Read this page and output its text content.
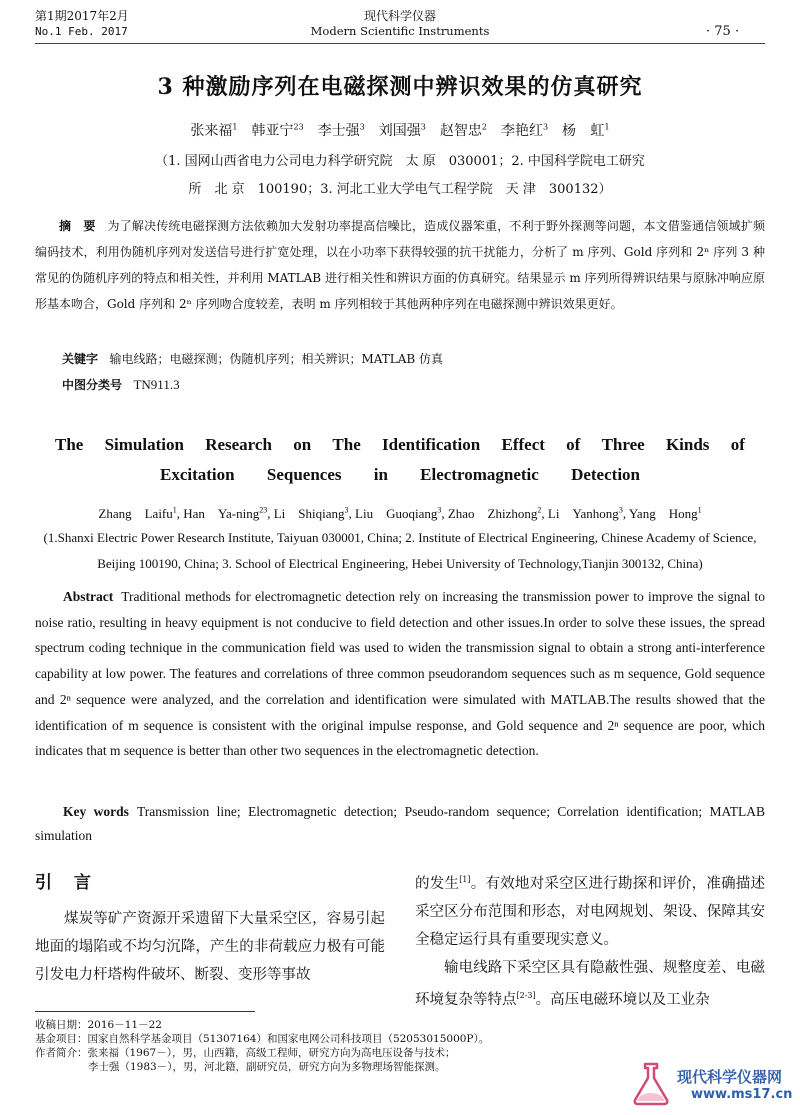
第1期2017年2月
No.1 Feb. 2017
现代科学仪器
Modern Scientific Instruments	· 75 ·
3 种激励序列在电磁探测中辨识效果的仿真研究
张来福$^1$　 韩亚宁$^{23}$　 李士强$^3$　 刘国强$^3$　 赵智忠$^2$　 李艳红$^3$　 杨 虹$^1$
（1. 国网山西省电力公司电力科学研究院　太 原　030001；2. 中国科学院电工研究
所　北 京　100190；3. 河北工业大学电气工程学院　天 津　300132）
摘　要 为了解决传统电磁探测方法依赖加大发射功率提高信噪比，造成仪器笨重，不利于野外探测等问题，本文借鉴通信领域扩频编码技术，利用伪随机序列对发送信号进行扩宽处理，以在小功率下获得较强的抗干扰能力，分析了 m 序列、Gold 序列和 2ⁿ 序列 3 种常见的伪随机序列的特点和相关性，并利用 MATLAB 进行相关性和辨识方面的仿真研究。结果显示 m 序列所得辨识结果与原脉冲响应原形基本吻合，Gold 序列和 2ⁿ 序列吻合度较差，表明 m 序列相较于其他两种序列在电磁探测中辨识效果更好。
关键字 输电线路；电磁探测；伪随机序列；相关辨识；MATLAB 仿真
中图分类号 TN911.3
The Simulation Research on The Identification Effect of Three Kinds of
Excitation Sequences in Electromagnetic Detection
Zhang　Laifu$^1$, Han　Ya-ning$^{23}$, Li　Shiqiang$^3$, Liu　Guoqiang$^3$, Zhao　Zhizhong$^2$, Li　Yanhong$^3$, Yang　Hong$^1$
(1.Shanxi Electric Power Research Institute, Taiyuan 030001, China; 2. Institute of Electrical Engineering, Chinese Academy of Science,
Beijing 100190, China; 3. School of Electrical Engineering, Hebei University of Technology,Tianjin 300132, China)
Abstract Traditional methods for electromagnetic detection rely on increasing the transmission power to improve the signal to noise ratio, resulting in heavy equipment is not conducive to field detection and other issues.In order to solve these issues, the spread spectrum coding technique in the communication field was used to widen the transmission signal to obtain a strong anti-interference capability at low power. The features and correlations of three common pseudorandom sequences such as m sequence, Gold sequence and 2ⁿ sequence were analyzed, and the correlation and identification were simulated with MATLAB.The results showed that the identification of m sequence is consistent with the original impulse response, and Gold sequence and 2ⁿ sequence are poor, which indicates that m sequence is better than other two sequences in the electromagnetic detection.
Key words Transmission line; Electromagnetic detection; Pseudo-random sequence; Correlation identification; MATLAB simulation
引 言
煤炭等矿产资源开采遗留下大量采空区，容易引起地面的塌陷或不均匀沉降，产生的非荷载应力极有可能引发电力杆塔构件破坏、断裂、变形等事故
的发生[1]。有效地对采空区进行勘探和评价，准确描述采空区分布范围和形态，对电网规划、架设、保障其安全稳定运行具有重要现实意义。
输电线路下采空区具有隐蔽性强、规整度差、电磁环境复杂等特点[2-3]。高压电磁环境以及工业杂
收稿日期：2016－11－22
基金项目：国家自然科学基金项目（51307164）和国家电网公司科技项目（52053015000P）。
作者简介：张来福（1967－），男，山西籍，高级工程师，研究方向为高电压设备与技术；
李士强（1983－），男，河北籍，副研究员，研究方向为多物理场智能探测。
现代科学仪器网
www.ms17.cn
